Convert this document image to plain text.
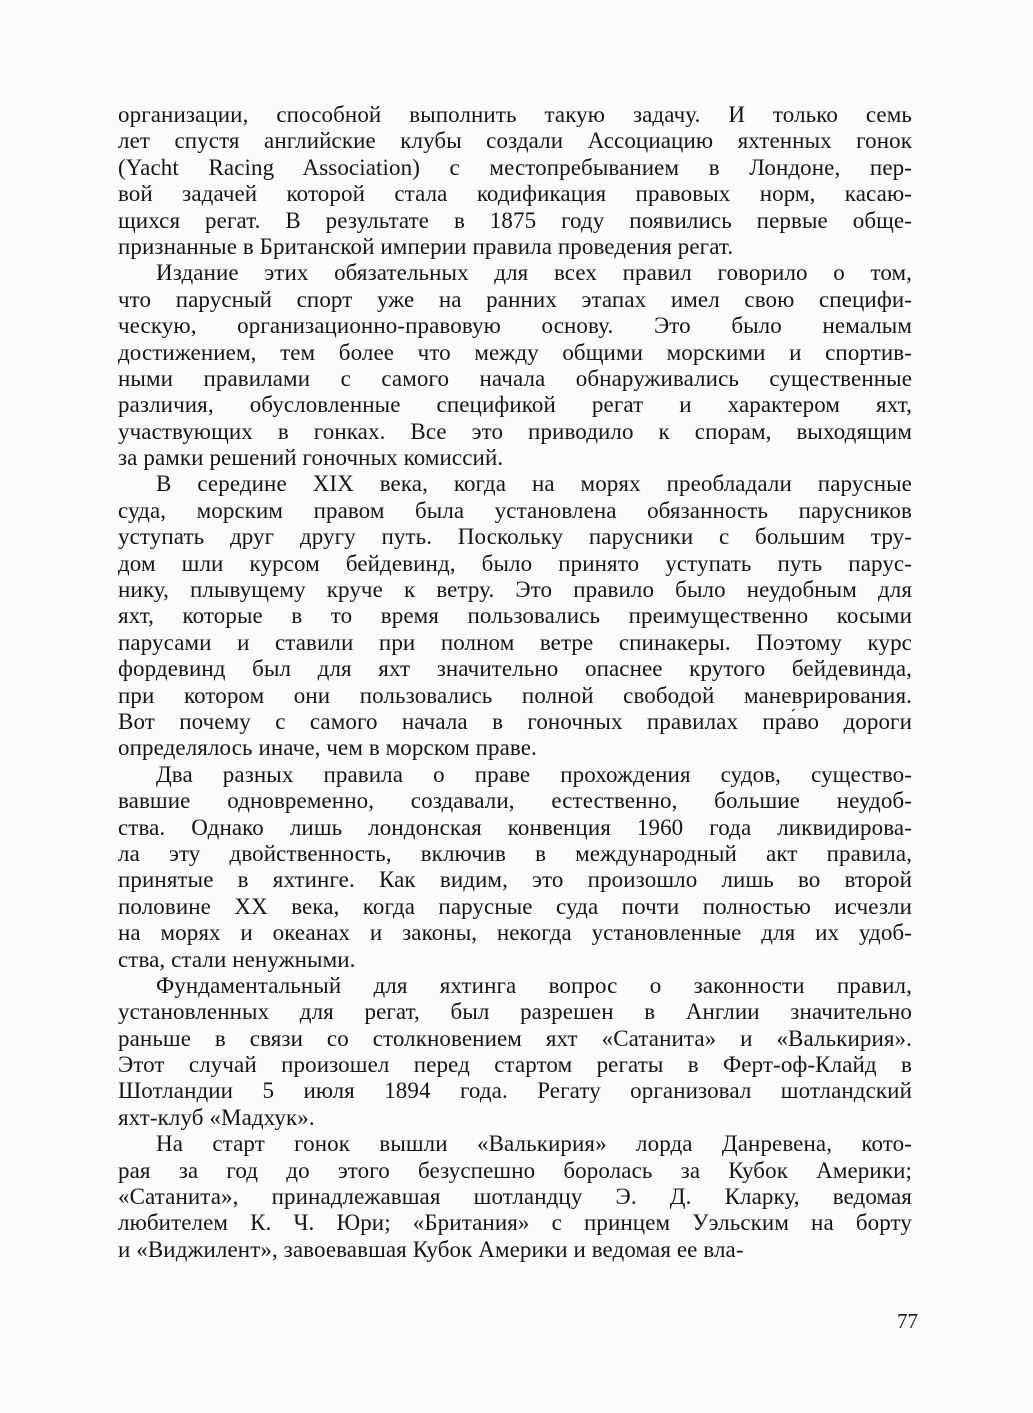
организации, способной выполнить такую задачу. И только семь
лет спустя английские клубы создали Ассоциацию яхтенных гонок
(Yacht Racing Association) с местопребыванием в Лондоне, пер-
вой задачей которой стала кодификация правовых норм, касаю-
щихся регат. В результате в 1875 году появились первые обще-
признанные в Британской империи правила проведения регат.
Издание этих обязательных для всех правил говорило о том,
что парусный спорт уже на ранних этапах имел свою специфи-
ческую, организационно-правовую основу. Это было немалым
достижением, тем более что между общими морскими и спортив-
ными правилами с самого начала обнаруживались существенные
различия, обусловленные спецификой регат и характером яхт,
участвующих в гонках. Все это приводило к спорам, выходящим
за рамки решений гоночных комиссий.
В середине XIX века, когда на морях преобладали парусные
суда, морским правом была установлена обязанность парусников
уступать друг другу путь. Поскольку парусники с большим тру-
дом шли курсом бейдевинд, было принято уступать путь парус-
нику, плывущему круче к ветру. Это правило было неудобным для
яхт, которые в то время пользовались преимущественно косыми
парусами и ставили при полном ветре спинакеры. Поэтому курс
фордевинд был для яхт значительно опаснее крутого бейдевинда,
при котором они пользовались полной свободой маневрирования.
Вот почему с самого начала в гоночных правилах пра́во дороги
определялось иначе, чем в морском праве.
Два разных правила о праве прохождения судов, существо-
вавшие одновременно, создавали, естественно, большие неудоб-
ства. Однако лишь лондонская конвенция 1960 года ликвидирова-
ла эту двойственность, включив в международный акт правила,
принятые в яхтинге. Как видим, это произошло лишь во второй
половине XX века, когда парусные суда почти полностью исчезли
на морях и океанах и законы, некогда установленные для их удоб-
ства, стали ненужными.
Фундаментальный для яхтинга вопрос о законности правил,
установленных для регат, был разрешен в Англии значительно
раньше в связи со столкновением яхт «Сатанита» и «Валькирия».
Этот случай произошел перед стартом регаты в Ферт-оф-Клайд в
Шотландии 5 июля 1894 года. Регату организовал шотландский
яхт-клуб «Мадхук».
На старт гонок вышли «Валькирия» лорда Данревена, кото-
рая за год до этого безуспешно боролась за Кубок Америки;
«Сатанита», принадлежавшая шотландцу Э. Д. Кларку, ведомая
любителем К. Ч. Юри; «Британия» с принцем Уэльским на борту
и «Виджилент», завоевавшая Кубок Америки и ведомая ее вла-
77
